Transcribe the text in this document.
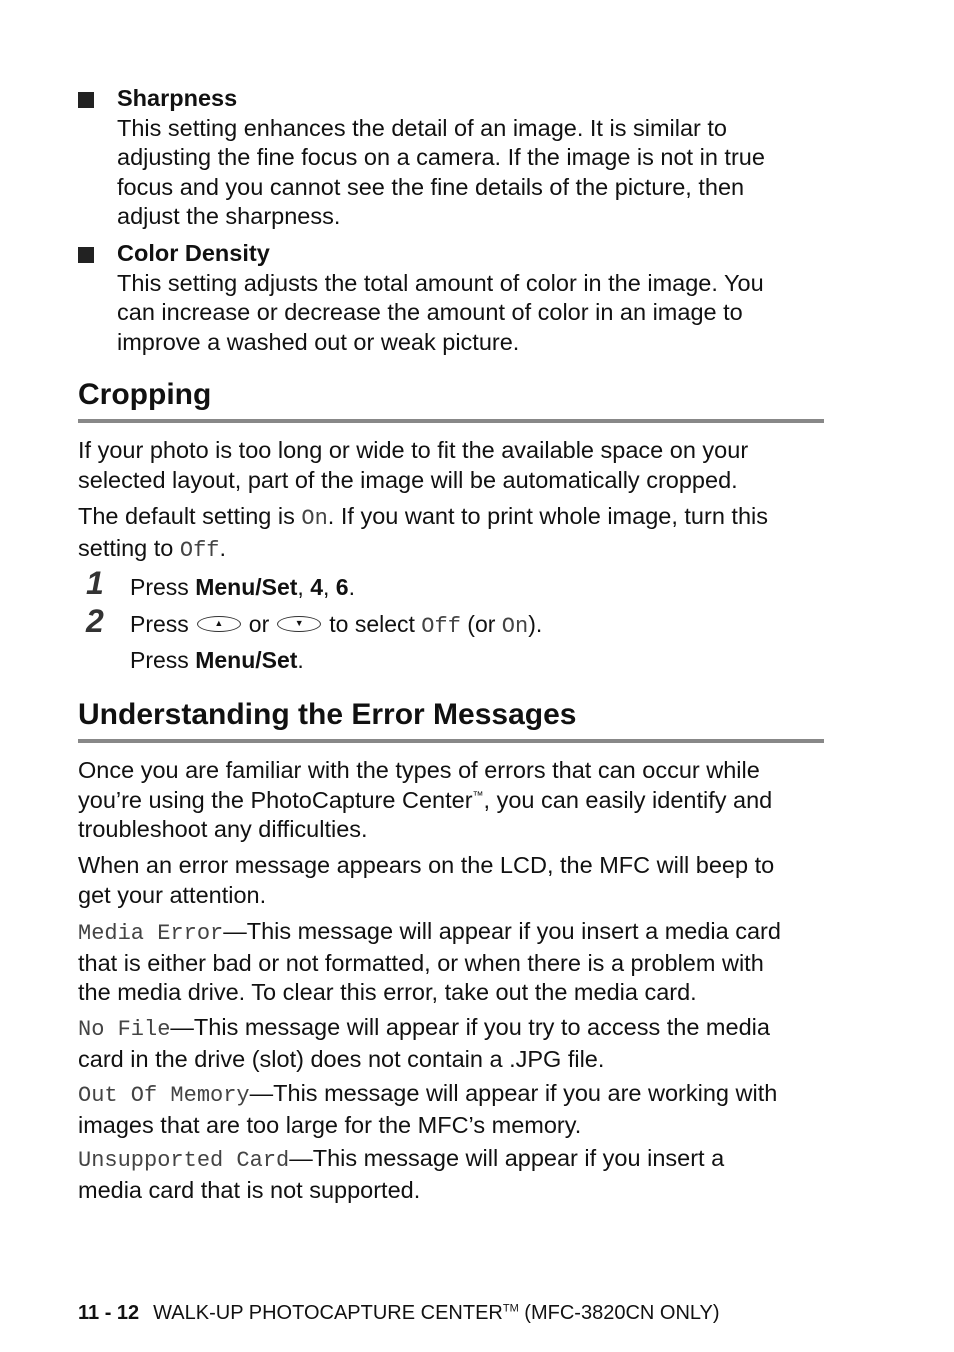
Sharpness
This setting enhances the detail of an image. It is similar to
adjusting the fine focus on a camera. If the image is not in true
focus and you cannot see the fine details of the picture, then
adjust the sharpness.
Color Density
This setting adjusts the total amount of color in the image. You
can increase or decrease the amount of color in an image to
improve a washed out or weak picture.
Cropping

If your photo is too long or wide to fit the available space on your
selected layout, part of the image will be automatically cropped.

The default setting is On. If you want to print whole image, turn this
setting to Off.

1 Press Menu/Set, 4, 6.
2 Press	▲ or	▼ to select Off (or On).
Press Menu/Set.
Understanding the Error Messages

Once you are familiar with the types of errors that can occur while
you’re using the PhotoCapture Center™, you can easily identify and
troubleshoot any difficulties.

When an error message appears on the LCD, the MFC will beep to
get your attention.

Media Error—This message will appear if you insert a media card

that is either bad or not formatted, or when there is a problem with
the media drive. To clear this error, take out the media card.

No File—This message will appear if you try to access the media

card in the drive (slot) does not contain a .JPG file.

Out Of Memory—This message will appear if you are working with

images that are too large for the MFC’s memory.

Unsupported Card—This message will appear if you insert a

media card that is not supported.

11 - 12 WALK-UP PHOTOCAPTURE CENTER™ (MFC-3820CN ONLY)
